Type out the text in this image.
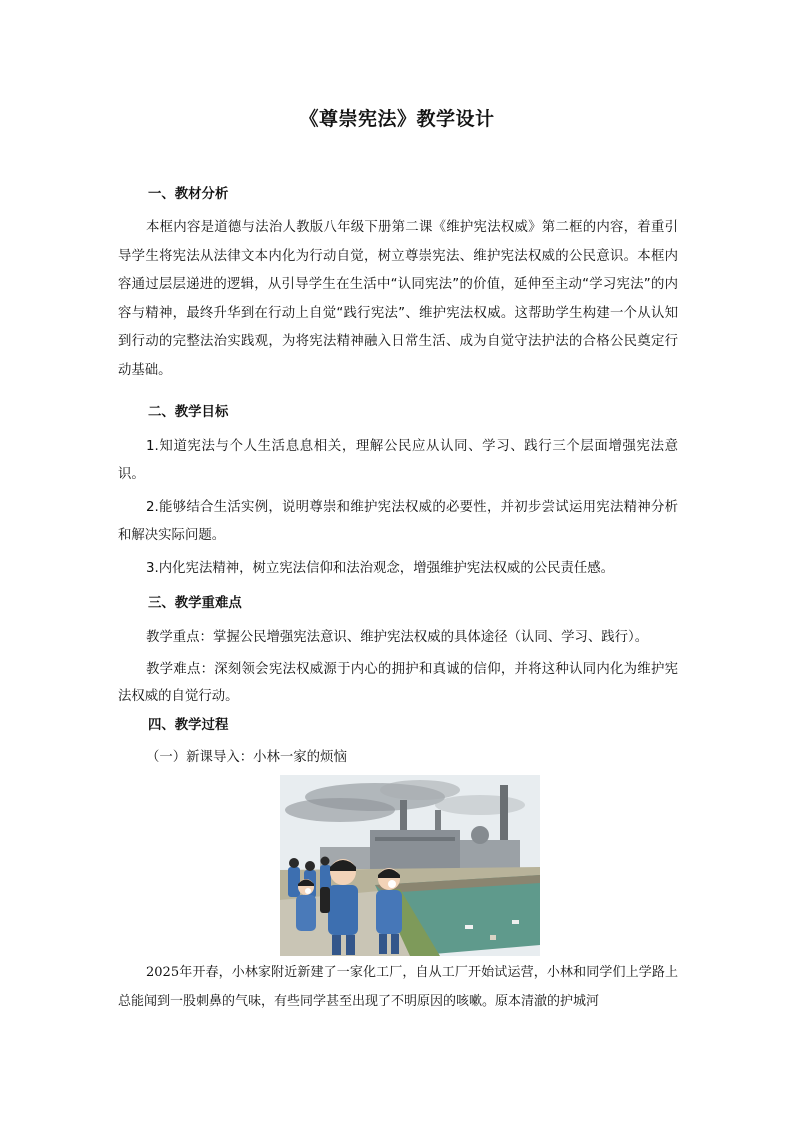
《尊崇宪法》教学设计
一、教材分析
本框内容是道德与法治人教版八年级下册第二课《维护宪法权威》第二框的内容，着重引导学生将宪法从法律文本内化为行动自觉，树立尊崇宪法、维护宪法权威的公民意识。本框内容通过层层递进的逻辑，从引导学生在生活中“认同宪法”的价值，延伸至主动“学习宪法”的内容与精神，最终升华到在行动上自觉“践行宪法”、维护宪法权威。这帮助学生构建一个从认知到行动的完整法治实践观，为将宪法精神融入日常生活、成为自觉守法护法的合格公民奠定行动基础。
二、教学目标
1.知道宪法与个人生活息息相关，理解公民应从认同、学习、践行三个层面增强宪法意识。
2.能够结合生活实例，说明尊崇和维护宪法权威的必要性，并初步尝试运用宪法精神分析和解决实际问题。
3.内化宪法精神，树立宪法信仰和法治观念，增强维护宪法权威的公民责任感。
三、教学重难点
教学重点：掌握公民增强宪法意识、维护宪法权威的具体途径（认同、学习、践行）。
教学难点：深刻领会宪法权威源于内心的拥护和真诚的信仰，并将这种认同内化为维护宪法权威的自觉行动。
四、教学过程
（一）新课导入：小林一家的烦恼
2025年开春，小林家附近新建了一家化工厂，自从工厂开始试运营，小林和同学们上学路上总能闻到一股刺鼻的气味，有些同学甚至出现了不明原因的咳嗽。原本清澈的护城河
